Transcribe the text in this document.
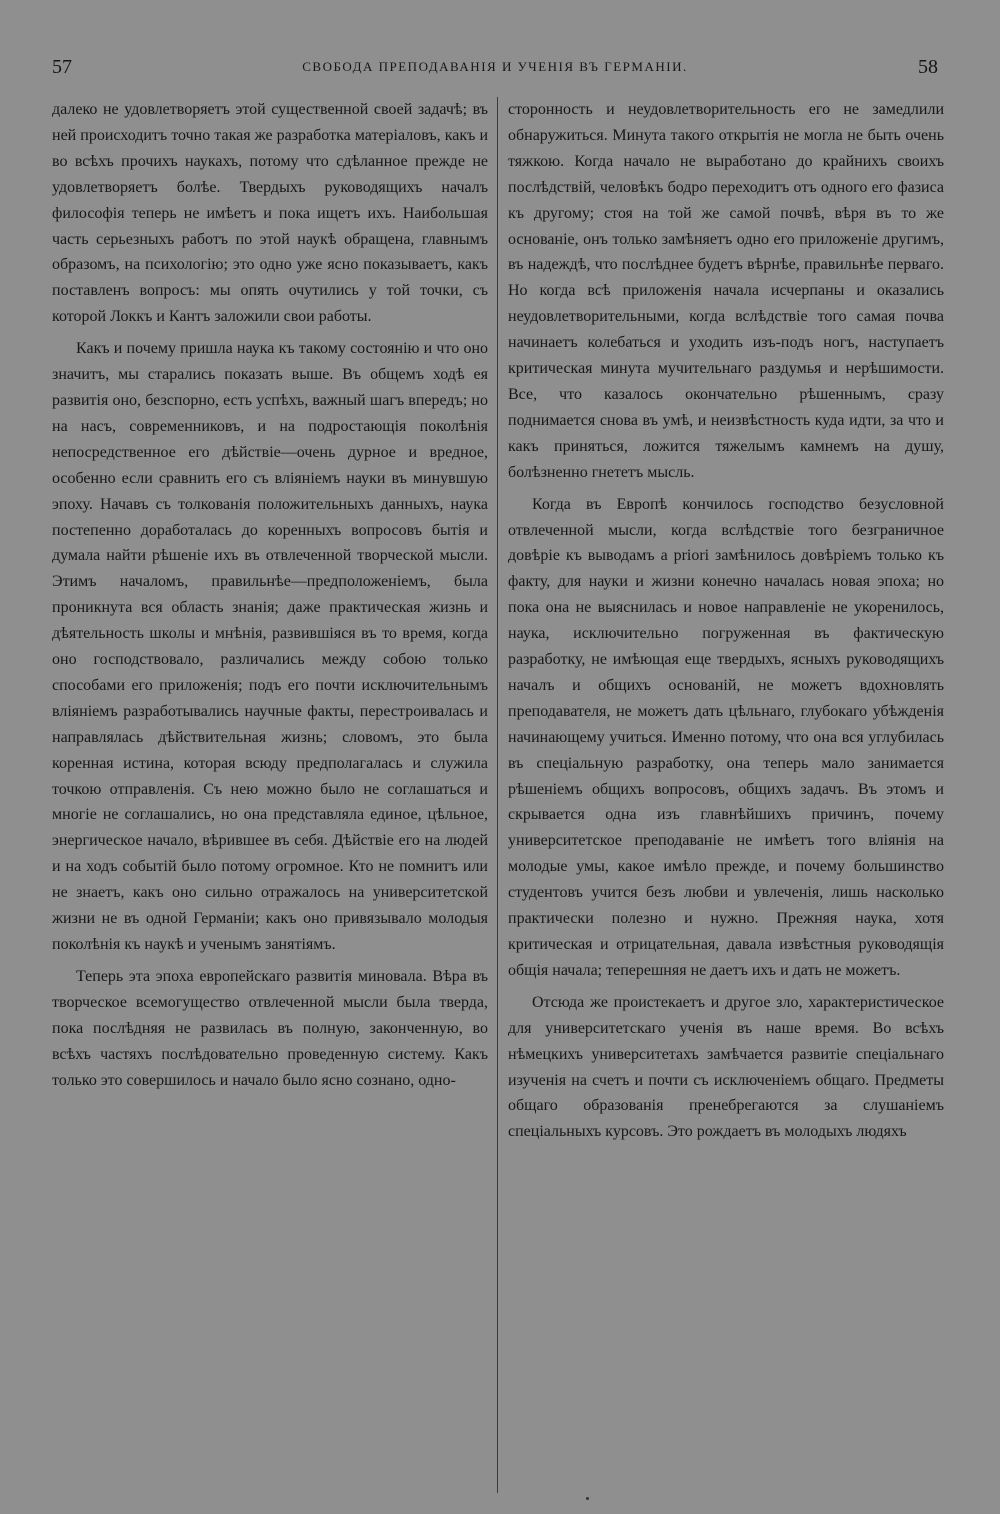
57	СВОБОДА ПРЕПОДАВАНІЯ И УЧЕНІЯ ВЪ ГЕРМАНІИ.	58

далеко не удовлетворяетъ этой существенной своей задачѣ; въ ней происходитъ точно такая же разработка матеріаловъ, какъ и во всѣхъ прочихъ наукахъ, потому что сдѣланное прежде не удовлетворяетъ болѣе. Твердыхъ руководящихъ началъ философія теперь не имѣетъ и пока ищетъ ихъ. Наибольшая часть серьезныхъ работъ по этой наукѣ обращена, главнымъ образомъ, на психологію; это одно уже ясно показываетъ, какъ поставленъ вопросъ: мы опять очутились у той точки, съ которой Локкъ и Кантъ заложили свои работы.

Какъ и почему пришла наука къ такому состоянію и что оно значитъ, мы старались показать выше. Въ общемъ ходѣ ея развитія оно, безспорно, есть успѣхъ, важный шагъ впередъ; но на насъ, современниковъ, и на подростающія поколѣнія непосредственное его дѣйствіе—очень дурное и вредное, особенно если сравнить его съ вліяніемъ науки въ минувшую эпоху. Начавъ съ толкованія положительныхъ данныхъ, наука постепенно доработалась до коренныхъ вопросовъ бытія и думала найти рѣшеніе ихъ въ отвлеченной творческой мысли. Этимъ началомъ, правильнѣе—предположеніемъ, была проникнута вся область знанія; даже практическая жизнь и дѣятельность школы и мнѣнія, развившіяся въ то время, когда оно господствовало, различались между собою только способами его приложенія; подъ его почти исключительнымъ вліяніемъ разработывались научные факты, перестроивалась и направлялась дѣйствительная жизнь; словомъ, это была коренная истина, которая всюду предполагалась и служила точкою отправленія. Съ нею можно было не соглашаться и многіе не соглашались, но она представляла единое, цѣльное, энергическое начало, вѣрившее въ себя. Дѣйствіе его на людей и на ходъ событій было потому огромное. Кто не помнитъ или не знаетъ, какъ оно сильно отражалось на университетской жизни не въ одной Германіи; какъ оно привязывало молодыя поколѣнія къ наукѣ и ученымъ занятіямъ.

Теперь эта эпоха европейскаго развитія миновала. Вѣра въ творческое всемогущество отвлеченной мысли была тверда, пока послѣдняя не развилась въ полную, законченную, во всѣхъ частяхъ послѣдовательно проведенную систему. Какъ только это совершилось и начало было ясно сознано, одно-

сторонность и неудовлетворительность его не замедлили обнаружиться. Минута такого открытія не могла не быть очень тяжкою. Когда начало не выработано до крайнихъ своихъ послѣдствій, человѣкъ бодро переходитъ отъ одного его фазиса къ другому; стоя на той же самой почвѣ, вѣря въ то же основаніе, онъ только замѣняетъ одно его приложеніе другимъ, въ надеждѣ, что послѣднее будетъ вѣрнѣе, правильнѣе перваго. Но когда всѣ приложенія начала исчерпаны и оказались неудовлетворительными, когда вслѣдствіе того самая почва начинаетъ колебаться и уходить изъ-подъ ногъ, наступаетъ критическая минута мучительнаго раздумья и нерѣшимости. Все, что казалось окончательно рѣшеннымъ, сразу поднимается снова въ умѣ, и неизвѣстность куда идти, за что и какъ приняться, ложится тяжелымъ камнемъ на душу, болѣзненно гнететъ мысль.

Когда въ Европѣ кончилось господство безусловной отвлеченной мысли, когда вслѣдствіе того безграничное довѣріе къ выводамъ a priori замѣнилось довѣріемъ только къ факту, для науки и жизни конечно началась новая эпоха; но пока она не выяснилась и новое направленіе не укоренилось, наука, исключительно погруженная въ фактическую разработку, не имѣющая еще твердыхъ, ясныхъ руководящихъ началъ и общихъ основаній, не можетъ вдохновлять преподавателя, не можетъ дать цѣльнаго, глубокаго убѣжденія начинающему учиться. Именно потому, что она вся углубилась въ спеціальную разработку, она теперь мало занимается рѣшеніемъ общихъ вопросовъ, общихъ задачъ. Въ этомъ и скрывается одна изъ главнѣйшихъ причинъ, почему университетское преподаваніе не имѣетъ того вліянія на молодые умы, какое имѣло прежде, и почему большинство студентовъ учится безъ любви и увлеченія, лишь насколько практически полезно и нужно. Прежняя наука, хотя критическая и отрицательная, давала извѣстныя руководящія общія начала; теперешняя не даетъ ихъ и дать не можетъ.

Отсюда же проистекаетъ и другое зло, характеристическое для университетскаго ученія въ наше время. Во всѣхъ нѣмецкихъ университетахъ замѣчается развитіе спеціальнаго изученія на счетъ и почти съ исключеніемъ общаго. Предметы общаго образованія пренебрегаются за слушаніемъ спеціальныхъ курсовъ. Это рождаетъ въ молодыхъ людяхъ
